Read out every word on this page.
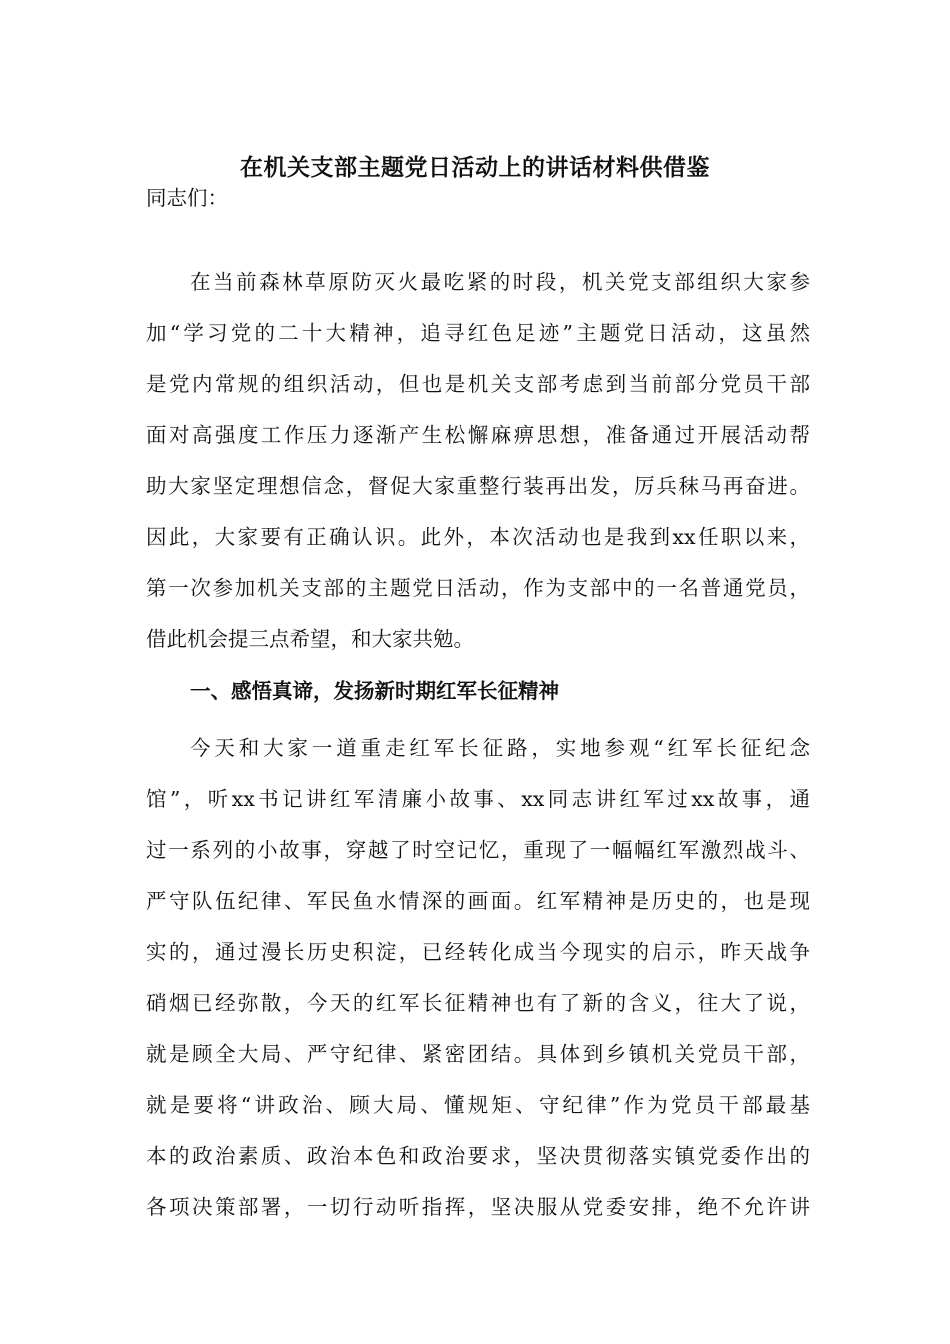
在机关支部主题党日活动上的讲话材料供借鉴
同志们：
在当前森林草原防灭火最吃紧的时段，机关党支部组织大家参
加“学习党的二十大精神，追寻红色足迹”主题党日活动，这虽然
是党内常规的组织活动，但也是机关支部考虑到当前部分党员干部
面对高强度工作压力逐渐产生松懈麻痹思想，准备通过开展活动帮
助大家坚定理想信念，督促大家重整行装再出发，厉兵秣马再奋进。
因此，大家要有正确认识。此外，本次活动也是我到xx任职以来，
第一次参加机关支部的主题党日活动，作为支部中的一名普通党员，
借此机会提三点希望，和大家共勉。
一、感悟真谛，发扬新时期红军长征精神
今天和大家一道重走红军长征路，实地参观“红军长征纪念
馆”，听xx书记讲红军清廉小故事、xx同志讲红军过xx故事，通
过一系列的小故事，穿越了时空记忆，重现了一幅幅红军激烈战斗、
严守队伍纪律、军民鱼水情深的画面。红军精神是历史的，也是现
实的，通过漫长历史积淀，已经转化成当今现实的启示，昨天战争
硝烟已经弥散，今天的红军长征精神也有了新的含义，往大了说，
就是顾全大局、严守纪律、紧密团结。具体到乡镇机关党员干部，
就是要将“讲政治、顾大局、懂规矩、守纪律”作为党员干部最基
本的政治素质、政治本色和政治要求，坚决贯彻落实镇党委作出的
各项决策部署，一切行动听指挥，坚决服从党委安排，绝不允许讲
